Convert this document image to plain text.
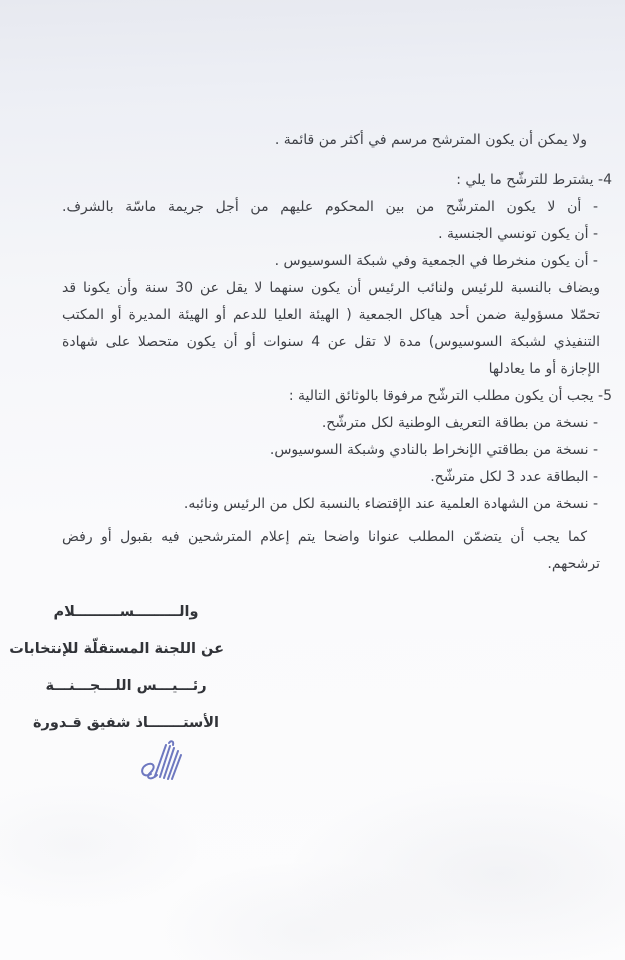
ولا يمكن أن يكون المترشح مرسم في أكثر من قائمة .
4- يشترط للترشّح ما يلي :
- أن لا يكون المترشّح من بين المحكوم عليهم من أجل جريمة ماسّة بالشرف.
- أن يكون تونسي الجنسية .
- أن يكون منخرطا في الجمعية وفي شبكة السوسيوس .
ويضاف بالنسبة للرئيس ولنائب الرئيس أن يكون سنهما لا يقل عن 30 سنة وأن يكونا قد
تحمّلا مسؤولية ضمن أحد هياكل الجمعية ( الهيئة العليا للدعم أو الهيئة المديرة أو المكتب
التنفيذي لشبكة السوسيوس) مدة لا تقل عن 4 سنوات أو أن يكون متحصلا على شهادة
الإجازة أو ما يعادلها
5- يجب أن يكون مطلب الترشّح مرفوقا بالوثائق التالية :
- نسخة من بطاقة التعريف الوطنية لكل مترشّح.
- نسخة من بطاقتي الإنخراط بالنادي وشبكة السوسيوس.
- البطاقة عدد 3 لكل مترشّح.
- نسخة من الشهادة العلمية عند الإقتضاء بالنسبة لكل من الرئيس ونائبه.
كما يجب أن يتضمّن المطلب عنوانا واضحا يتم إعلام المترشحين فيه بقبول أو رفض
ترشحهم.
والـــــــــســـــــــلام
عن اللجنة المستقلّة للإنتخابات
رئـــيـــس اللـــجـــنـــة
الأستـــــــاذ شفيق قـدورة
